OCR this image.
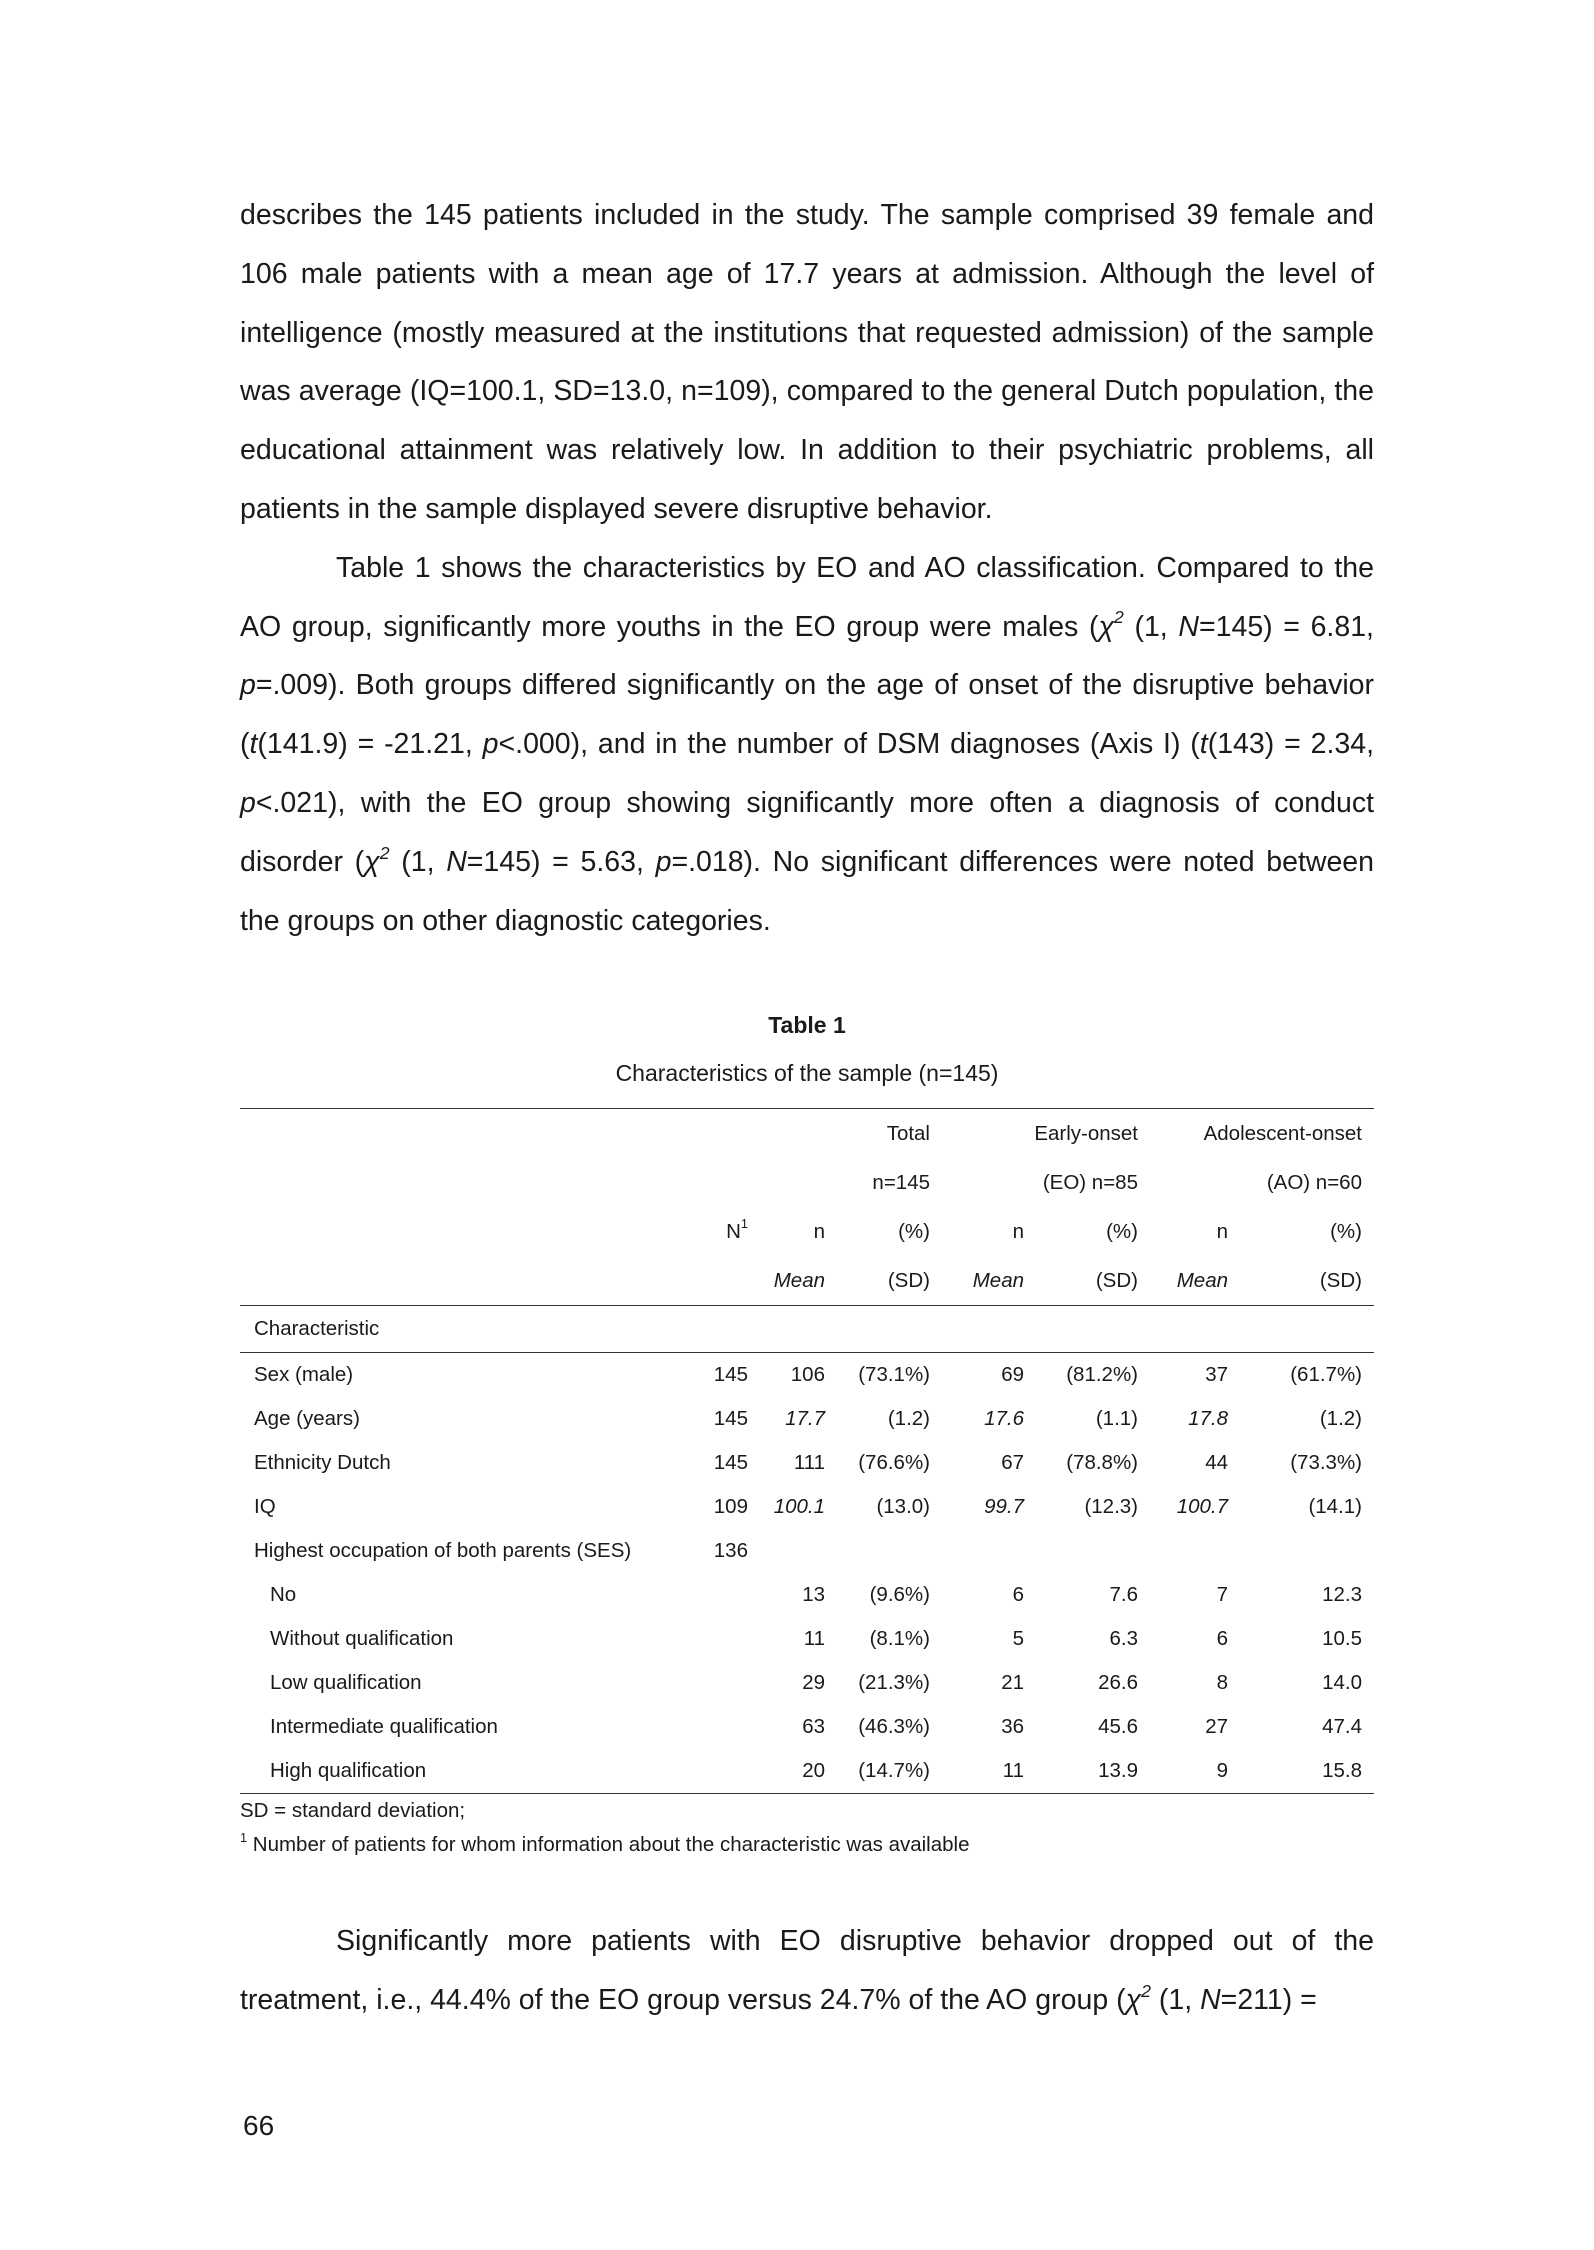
describes the 145 patients included in the study. The sample comprised 39 female and 106 male patients with a mean age of 17.7 years at admission. Although the level of intelligence (mostly measured at the institutions that requested admission) of the sample was average (IQ=100.1, SD=13.0, n=109), compared to the general Dutch population, the educational attainment was relatively low. In addition to their psychiatric problems, all patients in the sample displayed severe disruptive behavior.

Table 1 shows the characteristics by EO and AO classification. Compared to the AO group, significantly more youths in the EO group were males ($\chi^2$ (1, N=145) = 6.81, p=.009). Both groups differed significantly on the age of onset of the disruptive behavior (t(141.9) = -21.21, p<.000), and in the number of DSM diagnoses (Axis I) (t(143) = 2.34, p<.021), with the EO group showing significantly more often a diagnosis of conduct disorder ($\chi^2$ (1, N=145) = 5.63, p=.018). No significant differences were noted between the groups on other diagnostic categories.

Table 1
Characteristics of the sample (n=145)
			Total	Early-onset		Adolescent-onset	
			n=145	(EO) n=85		(AO) n=60	
	$N^1$	n	(%)	n	(%)	n	(%)
		Mean	(SD)	Mean	(SD)	Mean	(SD)
Characteristic							
Sex (male)	145	106	(73.1%)	69	(81.2%)	37	(61.7%)
Age (years)	145	17.7	(1.2)	17.6	(1.1)	17.8	(1.2)
Ethnicity Dutch	145	111	(76.6%)	67	(78.8%)	44	(73.3%)
IQ	109	100.1	(13.0)	99.7	(12.3)	100.7	(14.1)
Highest occupation of both parents (SES)	136						
No		13	(9.6%)	6	7.6	7	12.3
Without qualification		11	(8.1%)	5	6.3	6	10.5
Low qualification		29	(21.3%)	21	26.6	8	14.0
Intermediate qualification		63	(46.3%)	36	45.6	27	47.4
High qualification		20	(14.7%)	11	13.9	9	15.8
SD = standard deviation;
$^1$ Number of patients for whom information about the characteristic was available

Significantly more patients with EO disruptive behavior dropped out of the treatment, i.e., 44.4% of the EO group versus 24.7% of the AO group ($\chi^2$ (1, N=211) =

66
